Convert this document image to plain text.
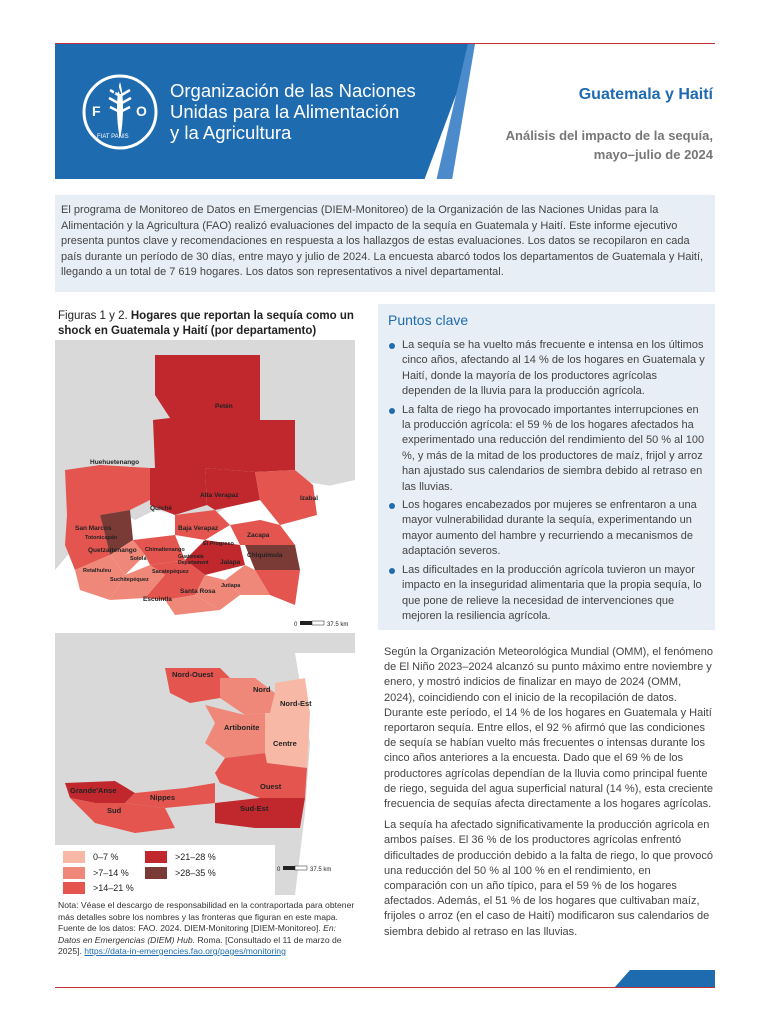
F
A
O
FIAT PANIS
Organización de las Naciones
Unidas para la Alimentación
y la Agricultura
Guatemala y Haití
Análisis del impacto de la sequía,
mayo–julio de 2024
El programa de Monitoreo de Datos en Emergencias (DIEM-Monitoreo) de la Organización de las Naciones Unidas para la Alimentación y la Agricultura (FAO) realizó evaluaciones del impacto de la sequía en Guatemala y Haití. Este informe ejecutivo presenta puntos clave y recomendaciones en respuesta a los hallazgos de estas evaluaciones. Los datos se recopilaron en cada país durante un período de 30 días, entre mayo y julio de 2024. La encuesta abarcó todos los departamentos de Guatemala y Haití, llegando a un total de 7 619 hogares. Los datos son representativos a nivel departamental.
Figuras 1 y 2. Hogares que reportan la sequía como un shock en Guatemala y Haití (por departamento)
Petén
Huehuetenango
Alta Verapaz	Izabal
Quiché
Baja Verapaz
San Marcos
Totonicapán
El Progreso
Zacapa
Quetzaltenango Chimaltenango
Guatemala	Chiquimula
Departament
Sololá	Jalapa
Retalhuleu	Sacatepéquez
Suchitepéquez
Jutiapa
Santa Rosa
Escuintla
0	37.5 km
Nord-Ouest
Nord
Nord-Est
Artibonite
Centre
Ouest
Grande'Anse
Nippes
Sud	Sud-Est
0	37.5 km
0–7 %
>7–14 %
>14–21 %
>21–28 %
>28–35 %
Nota: Véase el descargo de responsabilidad en la contraportada para obtener más detalles sobre los nombres y las fronteras que figuran en este mapa. Fuente de los datos: FAO. 2024. DIEM-Monitoring [DIEM-Monitoreo]. En: Datos en Emergencias (DIEM) Hub. Roma. [Consultado el 11 de marzo de 2025]. https://data-in-emergencies.fao.org/pages/monitoring
Puntos clave
La sequía se ha vuelto más frecuente e intensa en los últimos cinco años, afectando al 14 % de los hogares en Guatemala y Haití, donde la mayoría de los productores agrícolas dependen de la lluvia para la producción agrícola.
La falta de riego ha provocado importantes interrupciones en la producción agrícola: el 59 % de los hogares afectados ha experimentado una reducción del rendimiento del 50 % al 100 %, y más de la mitad de los productores de maíz, frijol y arroz han ajustado sus calendarios de siembra debido al retraso en las lluvias.
Los hogares encabezados por mujeres se enfrentaron a una mayor vulnerabilidad durante la sequía, experimentando un mayor aumento del hambre y recurriendo a mecanismos de adaptación severos.
Las dificultades en la producción agrícola tuvieron un mayor impacto en la inseguridad alimentaria que la propia sequía, lo que pone de relieve la necesidad de intervenciones que mejoren la resiliencia agrícola.

Según la Organización Meteorológica Mundial (OMM), el fenómeno de El Niño 2023–2024 alcanzó su punto máximo entre noviembre y enero, y mostró indicios de finalizar en mayo de 2024 (OMM, 2024), coincidiendo con el inicio de la recopilación de datos. Durante este período, el 14 % de los hogares en Guatemala y Haití reportaron sequía. Entre ellos, el 92 % afirmó que las condiciones de sequía se habían vuelto más frecuentes o intensas durante los cinco años anteriores a la encuesta. Dado que el 69 % de los productores agrícolas dependían de la lluvia como principal fuente de riego, seguida del agua superficial natural (14 %), esta creciente frecuencia de sequías afecta directamente a los hogares agrícolas.

La sequía ha afectado significativamente la producción agrícola en ambos países. El 36 % de los productores agrícolas enfrentó dificultades de producción debido a la falta de riego, lo que provocó una reducción del 50 % al 100 % en el rendimiento, en comparación con un año típico, para el 59 % de los hogares afectados. Además, el 51 % de los hogares que cultivaban maíz, frijoles o arroz (en el caso de Haití) modificaron sus calendarios de siembra debido al retraso en las lluvias.
